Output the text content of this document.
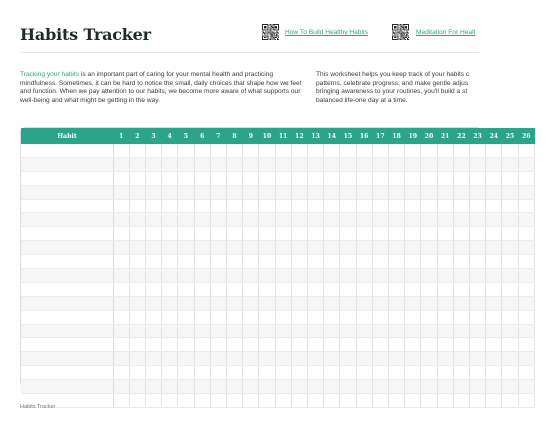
Habits Tracker	How To Build Healthy Habits	Meditation For Healt

Tracking your habits is an important part of caring for your mental health and practicing mindfulness. Sometimes, it can be hard to notice the small, daily choices that shape how we feel and function. When we pay attention to our habits, we become more aware of what supports our well-being and what might be getting in the way.

This worksheet helps you keep track of your habits c
patterns, celebrate progress, and make gentle adjus
bringing awareness to your routines, you'll build a st
balanced life-one day at a time.

Habit	1	2	3	4	5	6	7	8	9	10	11	12	13	14	15	16	17	18	19	20	21	22	23	24	25	26

Habits Tracker
